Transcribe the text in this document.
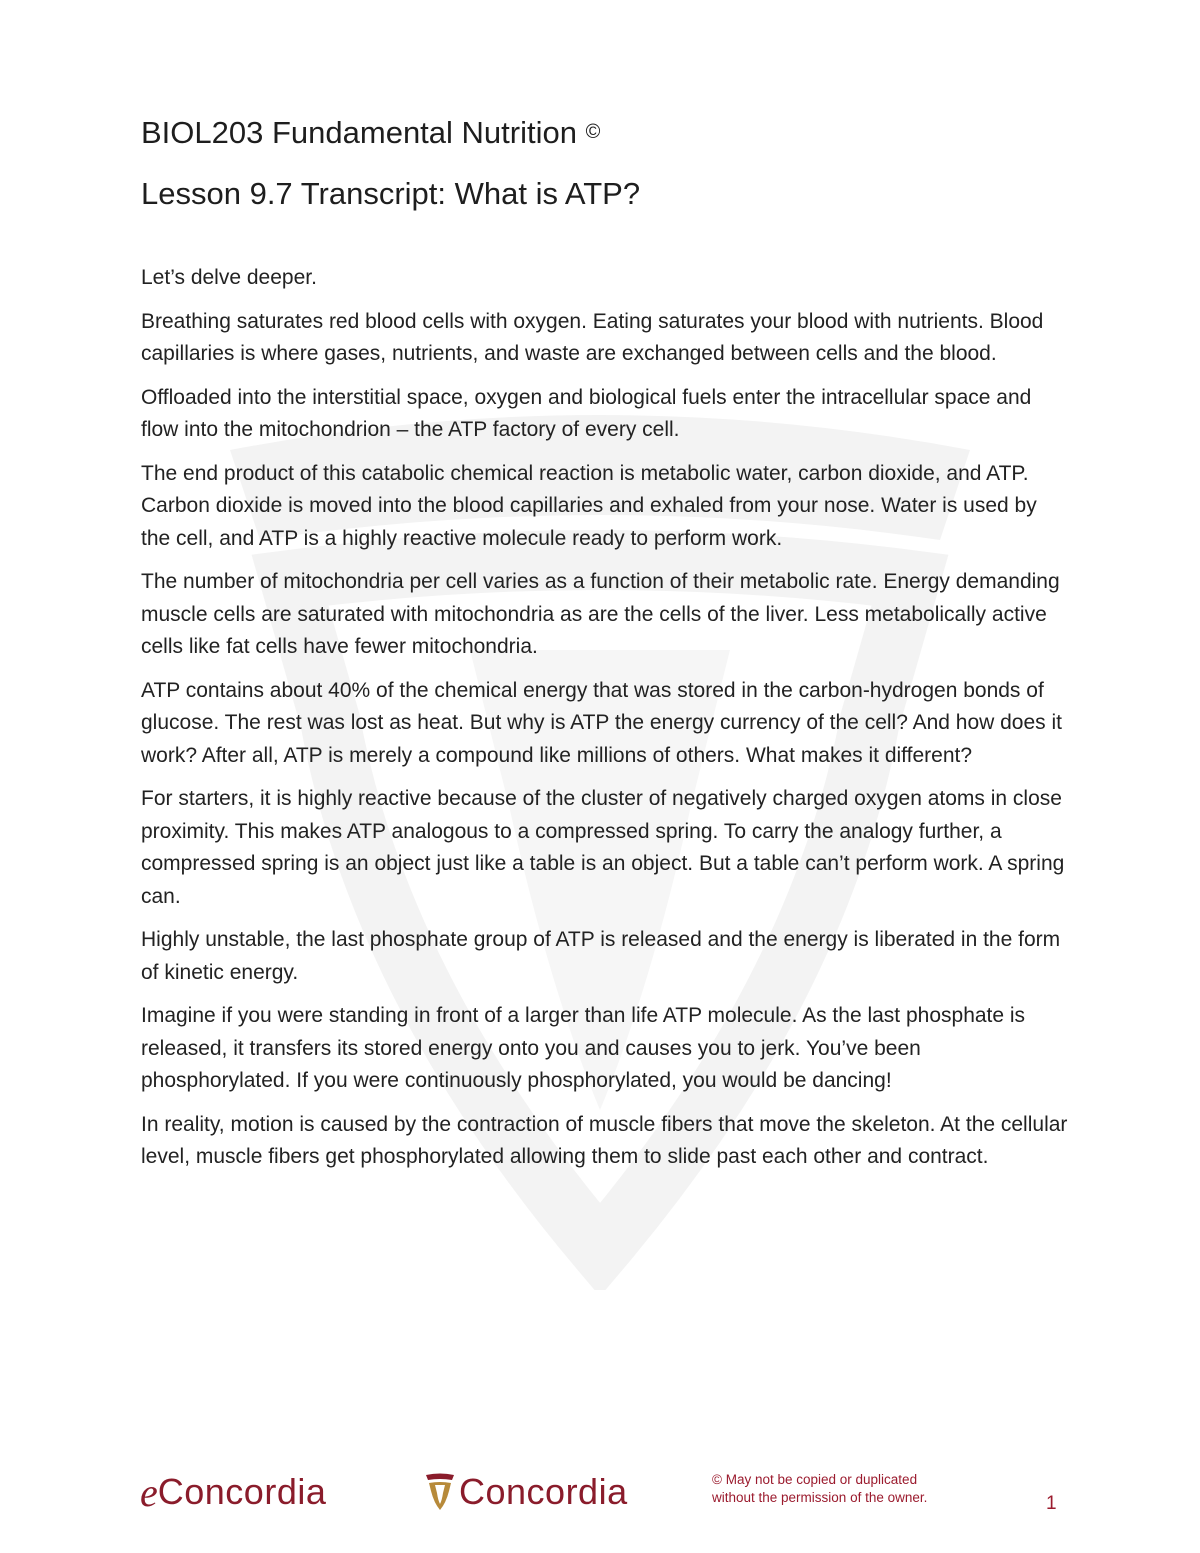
BIOL203 Fundamental Nutrition ©
Lesson 9.7 Transcript: What is ATP?

Let’s delve deeper.

Breathing saturates red blood cells with oxygen. Eating saturates your blood with nutrients. Blood capillaries is where gases, nutrients, and waste are exchanged between cells and the blood.

Offloaded into the interstitial space, oxygen and biological fuels enter the intracellular space and flow into the mitochondrion – the ATP factory of every cell.

The end product of this catabolic chemical reaction is metabolic water, carbon dioxide, and ATP. Carbon dioxide is moved into the blood capillaries and exhaled from your nose. Water is used by the cell, and ATP is a highly reactive molecule ready to perform work.

The number of mitochondria per cell varies as a function of their metabolic rate. Energy demanding muscle cells are saturated with mitochondria as are the cells of the liver. Less metabolically active cells like fat cells have fewer mitochondria.

ATP contains about 40% of the chemical energy that was stored in the carbon-hydrogen bonds of glucose. The rest was lost as heat. But why is ATP the energy currency of the cell? And how does it work? After all, ATP is merely a compound like millions of others. What makes it different?

For starters, it is highly reactive because of the cluster of negatively charged oxygen atoms in close proximity. This makes ATP analogous to a compressed spring. To carry the analogy further, a compressed spring is an object just like a table is an object. But a table can’t perform work. A spring can.

Highly unstable, the last phosphate group of ATP is released and the energy is liberated in the form of kinetic energy.

Imagine if you were standing in front of a larger than life ATP molecule. As the last phosphate is released, it transfers its stored energy onto you and causes you to jerk. You’ve been phosphorylated. If you were continuously phosphorylated, you would be dancing!

In reality, motion is caused by the contraction of muscle fibers that move the skeleton. At the cellular level, muscle fibers get phosphorylated allowing them to slide past each other and contract.

e Concordia	Concordia	© May not be copied or duplicated
without the permission of the owner.	1
